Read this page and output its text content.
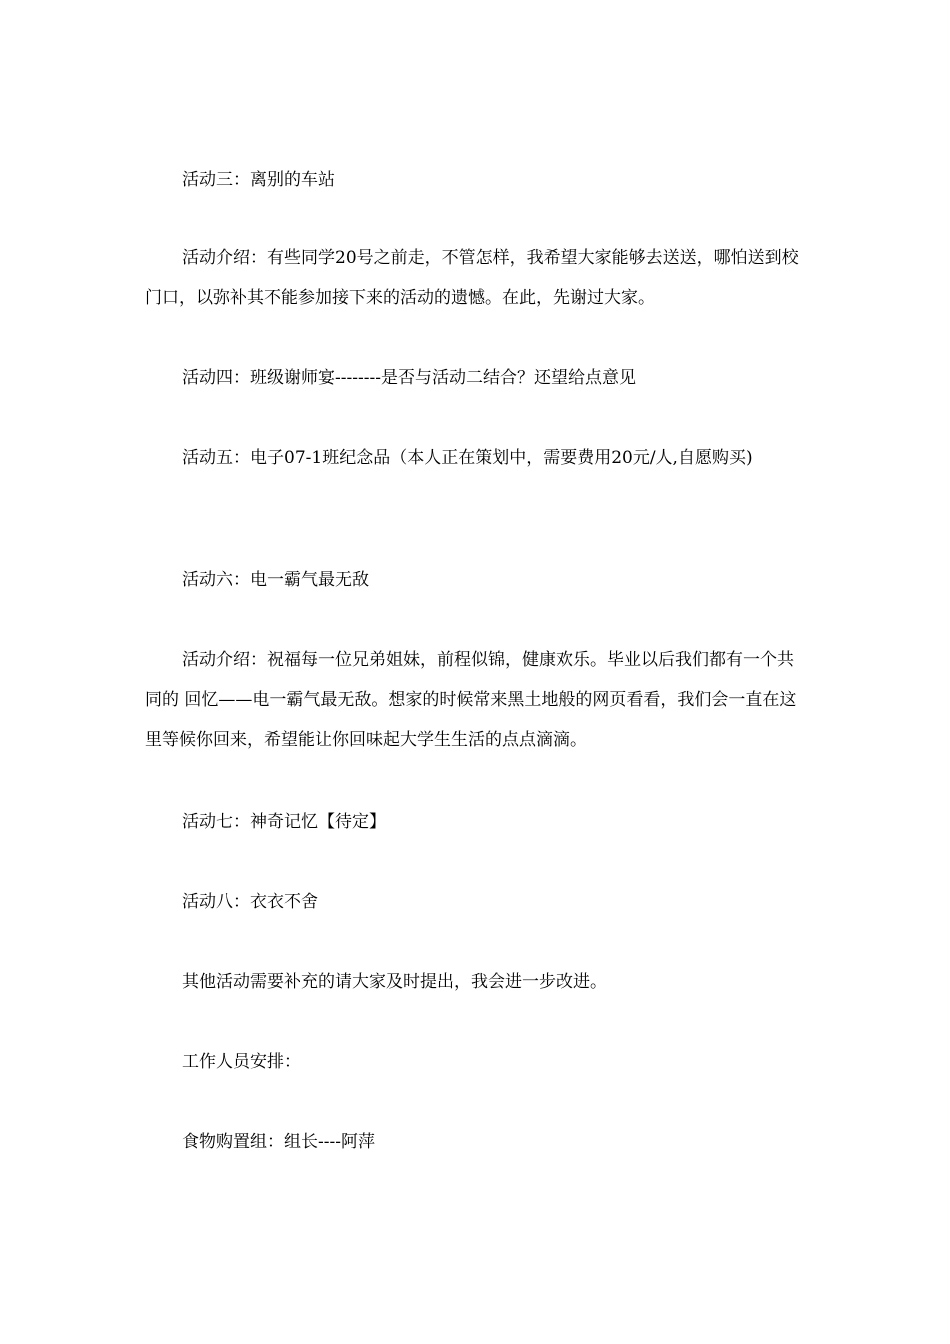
活动三：离别的车站

活动介绍：有些同学20号之前走，不管怎样，我希望大家能够去送送，哪怕送到校门口，以弥补其不能参加接下来的活动的遗憾。在此，先谢过大家。

活动四：班级谢师宴--------是否与活动二结合？还望给点意见

活动五：电子07-1班纪念品（本人正在策划中，需要费用20元/人,自愿购买)

活动六：电一霸气最无敌

活动介绍：祝福每一位兄弟姐妹，前程似锦，健康欢乐。毕业以后我们都有一个共同的 回忆——电一霸气最无敌。想家的时候常来黑土地般的网页看看，我们会一直在这里等候你回来，希望能让你回味起大学生生活的点点滴滴。

活动七：神奇记忆【待定】

活动八：衣衣不舍

其他活动需要补充的请大家及时提出，我会进一步改进。

工作人员安排：

食物购置组：组长----阿萍
